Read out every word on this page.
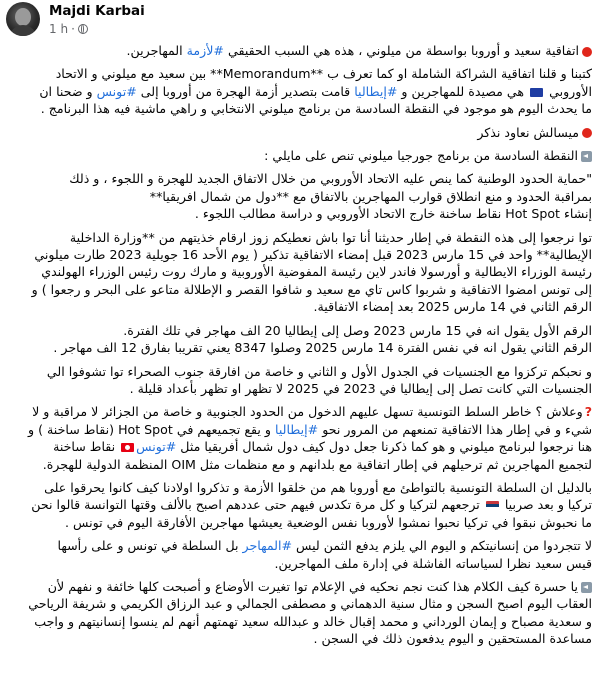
Majdi Karbai
1 h ·

اتفاقية سعيد و أوروبا بواسطة من ميلوني ، هذه هي السبب الحقيقي #لأزمة المهاجرين.

كتبنا و قلنا اتفاقية الشراكة الشاملة او كما تعرف ب **Memorandum** بين سعيد مع ميلوني و الاتحاد الأوروبي  هي مصيدة للمهاجرين و #إيطاليا قامت بتصدير أزمة الهجرة من أوروبا إلى #تونس و ضحنا ان ما يحدث اليوم هو موجود في النقطة السادسة من برنامج ميلوني الانتخابي و راهي ماشية فيه هذا البرنامج .

ميسالش نعاود نذكر

النقطة السادسة من برنامج جورجيا ميلوني تنص على مايلي :

"حماية الحدود الوطنية كما ينص عليه الاتحاد الأوروبي من خلال الاتفاق الجديد للهجرة و اللجوء ، و ذلك بمراقبة الحدود و منع انطلاق قوارب المهاجرين بالاتفاق مع **دول من شمال افريقيا**
إنشاء Hot Spot نقاط ساخنة خارج الاتحاد الأوروبي و دراسة مطالب اللجوء .

توا نرجعوا إلى هذه النقطة في إطار حديثنا أنا توا باش نعطيكم زوز ارقام خذيتهم من **وزارة الداخلية الإيطالية** واحد في 15 مارس 2023 قبل إمضاء الاتفاقية تذكير ( يوم الأحد 16 جويلية 2023 طارت ميلوني رئيسة الوزراء الايطالية و أورسولا فاندر لاين رئيسة المفوضية الأوروبية و مارك روت رئيس الوزراء الهولندي إلى تونس امضوا الاتفاقية و شربوا كاس تاي مع سعيد و شافوا القصر و الإطلالة متاعو على البحر و رجعوا ) و الرقم الثاني في 14 مارس 2025 بعد إمضاء الاتفاقية.

الرقم الأول يقول انه في 15 مارس 2023 وصل إلى إيطاليا 20 الف مهاجر في تلك الفترة.
الرقم الثاني يقول انه في نفس الفترة 14 مارس 2025 وصلوا 8347 يعني تقريبا بفارق 12 الف مهاجر .

و نحبكم تركزوا مع الجنسيات في الجدول الأول و الثاني و خاصة من افارقة جنوب الصحراء توا تشوفوا الي الجنسيات التي كانت تصل إلى إيطاليا في 2023 في 2025 لا تظهر او تظهر بأعداد قليلة .

?وعلاش ؟ خاطر السلط التونسية تسهل عليهم الدخول من الحدود الجنوبية و خاصة من الجزائر لا مراقبة و لا شيء و في إطار هذا الاتفاقية تمنعهم من المرور نحو #إيطاليا و يقع تجميعهم في Hot Spot (نقاط ساخنة ) و هنا نرجعوا لبرنامج ميلوني و هو كما ذكرنا جعل دول كيف دول شمال أفريقيا مثل #تونس نقاط ساخنة لتجميع المهاجرين ثم ترحيلهم في إطار اتفاقية مع بلدانهم و مع منظمات مثل OIM المنظمة الدولية للهجرة.

بالدليل ان السلطة التونسية بالتواطئ مع أوروبا هم من خلقوا الأزمة و تذكروا اولادنا كيف كانوا يحرقوا على تركيا و بعد صربيا  ترجعهم لتركيا و كل مرة تكدس فيهم حتى عددهم اصبح بالألف وقتها التوانسة قالوا نحن ما نحبوش نبقوا في تركيا نحبوا نمشوا لأوروبا نفس الوضعية يعيشها مهاجرين الأفارقة اليوم في تونس .

لا تتجردوا من إنسانيتكم و اليوم الي يلزم يدفع الثمن ليس #المهاجر بل السلطة في تونس و على رأسها قيس سعيد نظرا لسياساته الفاشلة في إدارة ملف المهاجرين.

يا حسرة كيف الكلام هذا كنت نجم نحكيه في الإعلام توا تغيرت الأوضاع و أصبحت كلها خائفة و نفهم لأن العقاب اليوم اصبح السجن و مثال سنية الدهماني و مصطفى الجمالي و عبد الرزاق الكريمي و شريفة الرياحي و سعدية مصباح و إيمان الورداني و محمد إقبال خالد و عبدالله سعيد تهمتهم أنهم لم ينسوا إنسانيتهم و واجب مساعدة المستحقين و اليوم يدفعون ذلك في السجن .
